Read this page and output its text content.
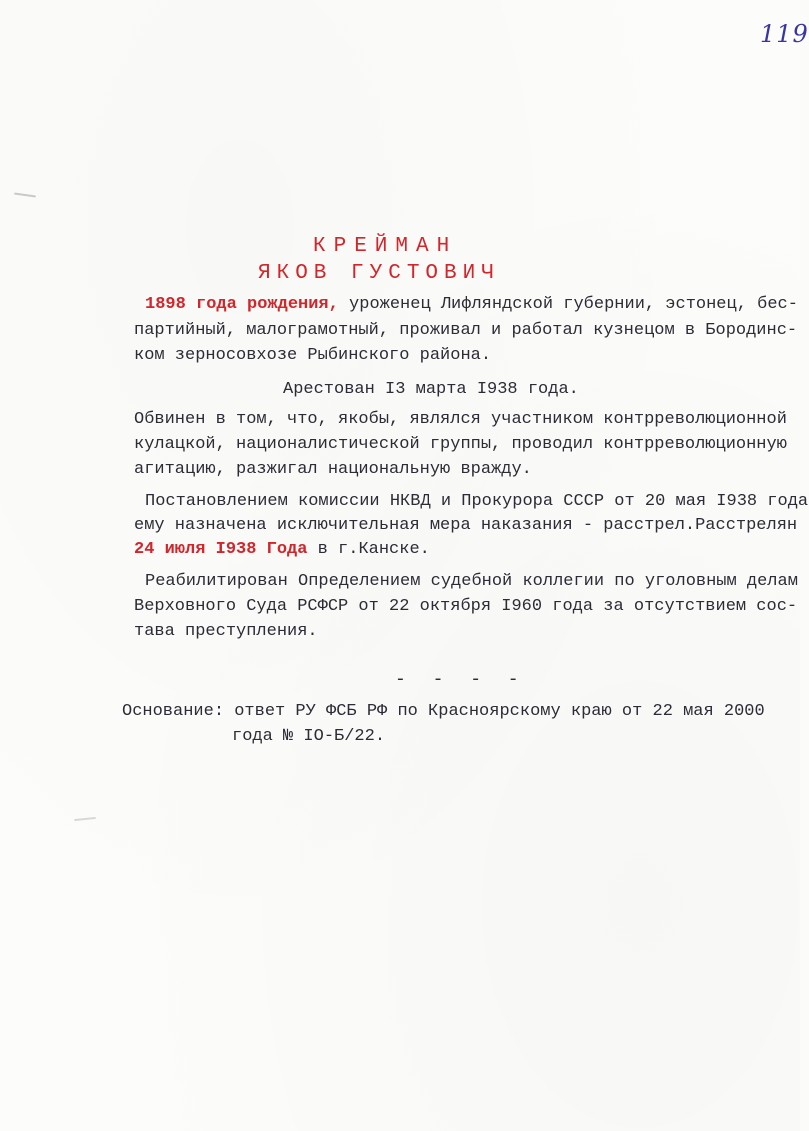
119
КРЕЙМАН
ЯКОВ ГУСТОВИЧ
1898 года рождения, уроженец Лифляндской губернии, эстонец, бес-
партийный, малограмотный, проживал и работал кузнецом в Бородинс-
ком зерносовхозе Рыбинского района.
Арестован I3 марта I938 года.
Обвинен в том, что, якобы, являлся участником контрреволюционной
кулацкой, националистической группы, проводил контрреволюционную
агитацию, разжигал национальную вражду.
Постановлением комиссии НКВД и Прокурора СССР от 20 мая I938 года
ему назначена исключительная мера наказания - расстрел.Расстрелян
24 июля I938 Года в г.Канске.
Реабилитирован Определением судебной коллегии по уголовным делам
Верховного Суда РСФСР от 22 октября I960 года за отсутствием сос-
тава преступления.
- - - -
Основание: ответ РУ ФСБ РФ по Красноярскому краю от 22 мая 2000
года № IO-Б/22.
